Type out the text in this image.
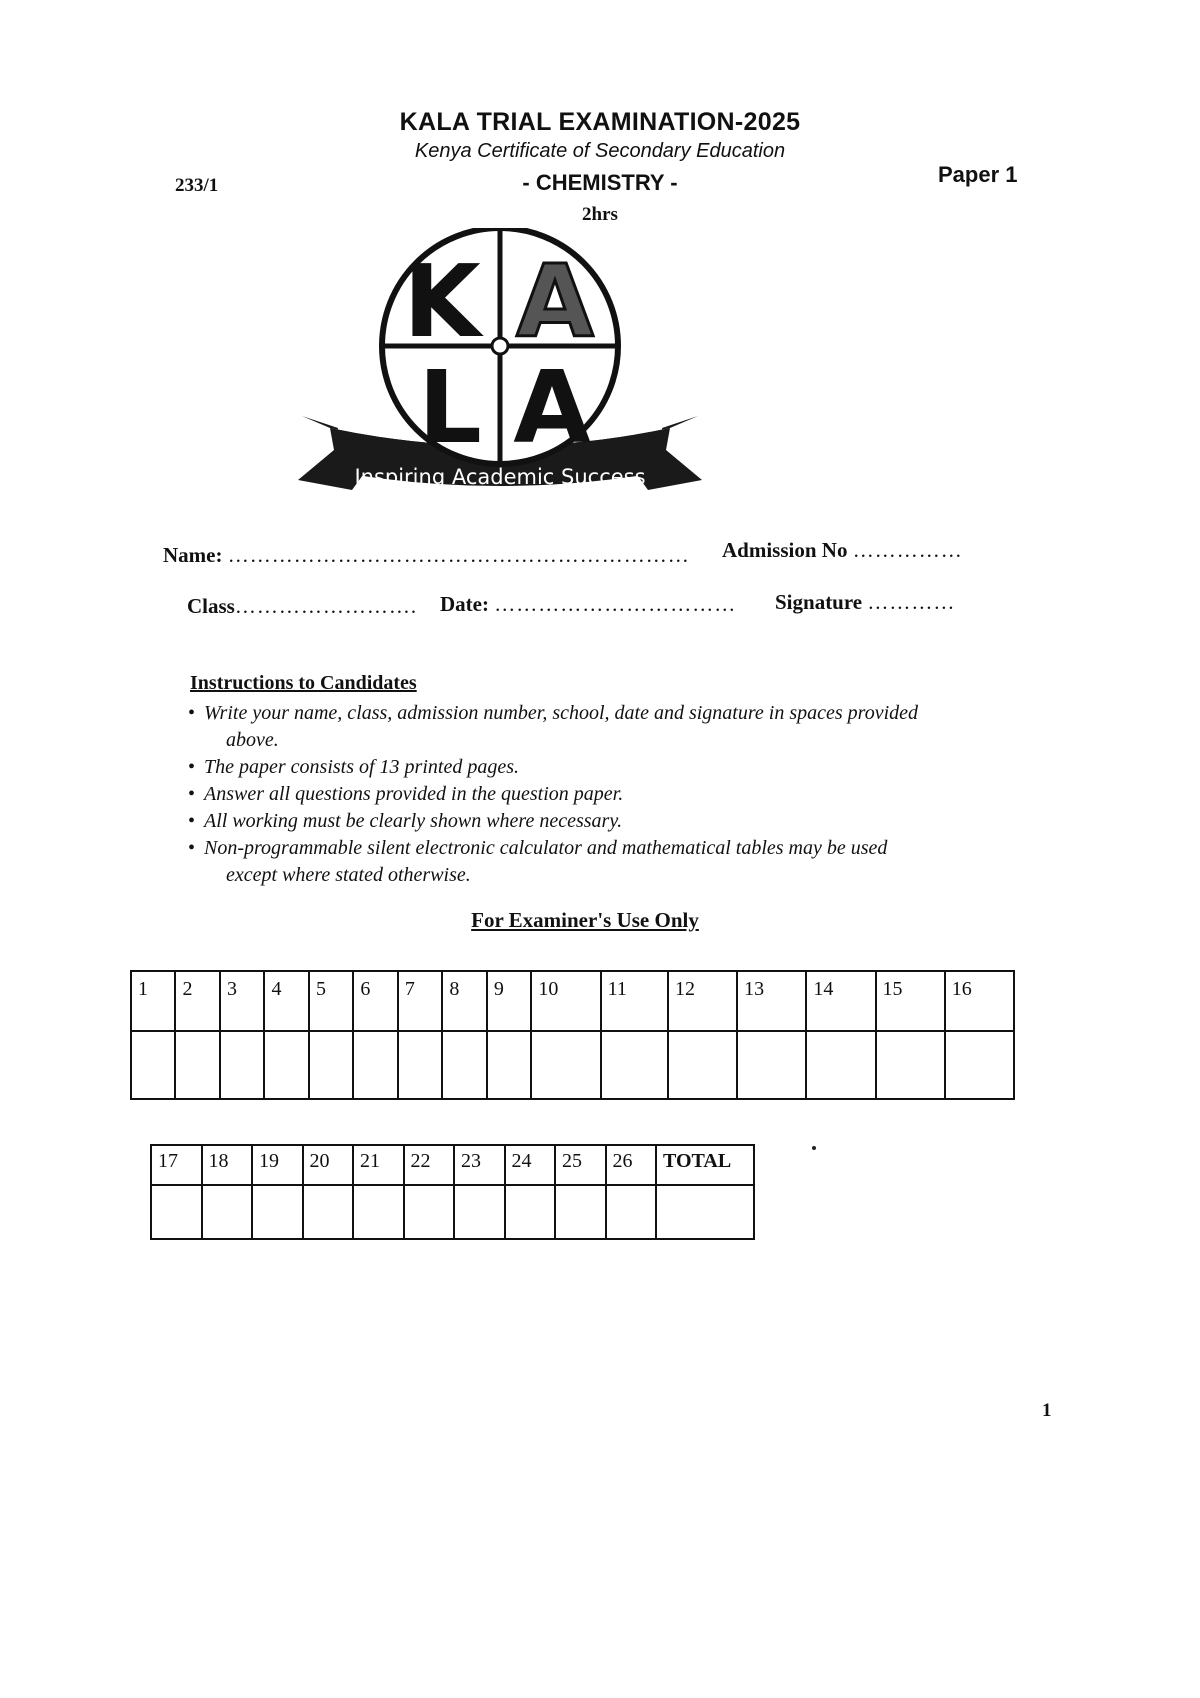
KALA TRIAL EXAMINATION-2025
Kenya Certificate of Secondary Education
- CHEMISTRY -
2hrs
233/1	Paper 1
K A
L A
Inspiring Academic Success
Name: ……………………………………………………… Admission No ……………
Class……………………. Date: …………………………… Signature …………
Instructions to Candidates
• Write your name, class, admission number, school, date and signature in spaces provided
above.
• The paper consists of 13 printed pages.
• Answer all questions provided in the question paper.
• All working must be clearly shown where necessary.
• Non-programmable silent electronic calculator and mathematical tables may be used
except where stated otherwise.
For Examiner's Use Only
1	2	3	4	5	6	7	8	9	10	11	12	13	14	15	16

17	18	19	20	21	22	23	24	25	26	TOTAL

1
